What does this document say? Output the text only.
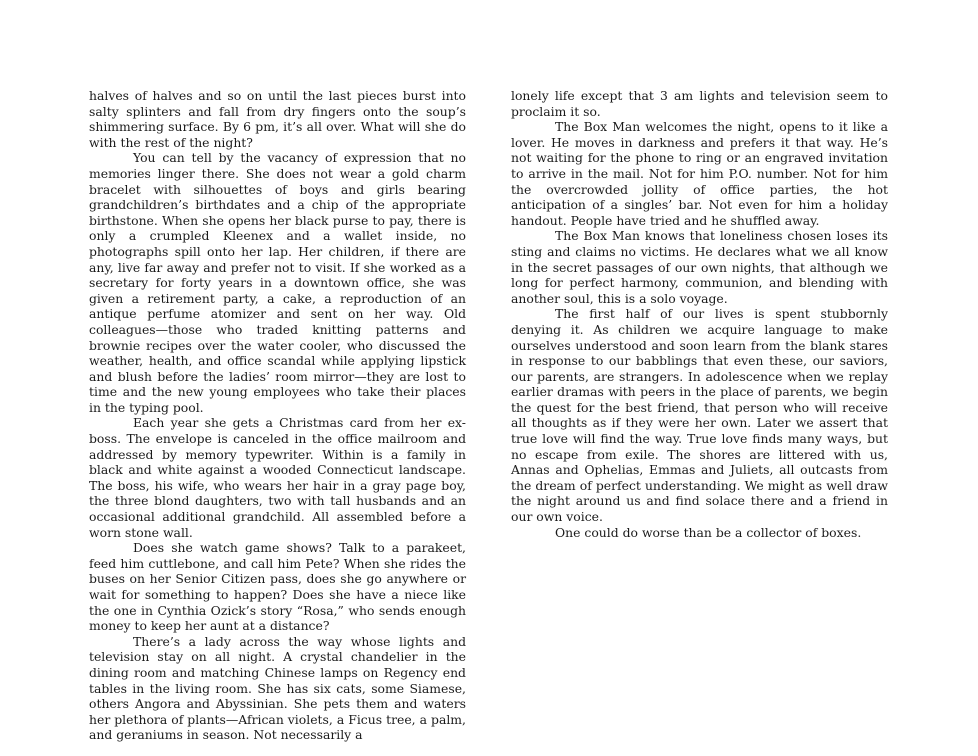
halves of halves and so on until the last pieces burst into salty splinters and fall from dry fingers onto the soup’s shimmering surface. By 6 pm, it’s all over. What will she do with the rest of the night?

You can tell by the vacancy of expression that no memories linger there. She does not wear a gold charm bracelet with silhouettes of boys and girls bearing grandchildren’s birthdates and a chip of the appropriate birthstone. When she opens her black purse to pay, there is only a crumpled Kleenex and a wallet inside, no photographs spill onto her lap. Her children, if there are any, live far away and prefer not to visit. If she worked as a secretary for forty years in a downtown office, she was given a retirement party, a cake, a reproduction of an antique perfume atomizer and sent on her way. Old colleagues—those who traded knitting patterns and brownie recipes over the water cooler, who discussed the weather, health, and office scandal while applying lipstick and blush before the ladies’ room mirror—they are lost to time and the new young employees who take their places in the typing pool.

Each year she gets a Christmas card from her ex-boss. The envelope is canceled in the office mailroom and addressed by memory typewriter. Within is a family in black and white against a wooded Connecticut landscape. The boss, his wife, who wears her hair in a gray page boy, the three blond daughters, two with tall husbands and an occasional additional grandchild. All assembled before a worn stone wall.

Does she watch game shows? Talk to a parakeet, feed him cuttlebone, and call him Pete? When she rides the buses on her Senior Citizen pass, does she go anywhere or wait for something to happen? Does she have a niece like the one in Cynthia Ozick’s story “Rosa,” who sends enough money to keep her aunt at a distance?

There’s a lady across the way whose lights and television stay on all night. A crystal chandelier in the dining room and matching Chinese lamps on Regency end tables in the living room. She has six cats, some Siamese, others Angora and Abyssinian. She pets them and waters her plethora of plants—African violets, a Ficus tree, a palm, and geraniums in season. Not necessarily a

lonely life except that 3 am lights and television seem to proclaim it so.

The Box Man welcomes the night, opens to it like a lover. He moves in darkness and prefers it that way. He’s not waiting for the phone to ring or an engraved invitation to arrive in the mail. Not for him P.O. number. Not for him the overcrowded jollity of office parties, the hot anticipation of a singles’ bar. Not even for him a holiday handout. People have tried and he shuffled away.

The Box Man knows that loneliness chosen loses its sting and claims no victims. He declares what we all know in the secret passages of our own nights, that although we long for perfect harmony, communion, and blending with another soul, this is a solo voyage.

The first half of our lives is spent stubbornly denying it. As children we acquire language to make ourselves understood and soon learn from the blank stares in response to our babblings that even these, our saviors, our parents, are strangers. In adolescence when we replay earlier dramas with peers in the place of parents, we begin the quest for the best friend, that person who will receive all thoughts as if they were her own. Later we assert that true love will find the way. True love finds many ways, but no escape from exile. The shores are littered with us, Annas and Ophelias, Emmas and Juliets, all outcasts from the dream of perfect understanding. We might as well draw the night around us and find solace there and a friend in our own voice.

One could do worse than be a collector of boxes.
